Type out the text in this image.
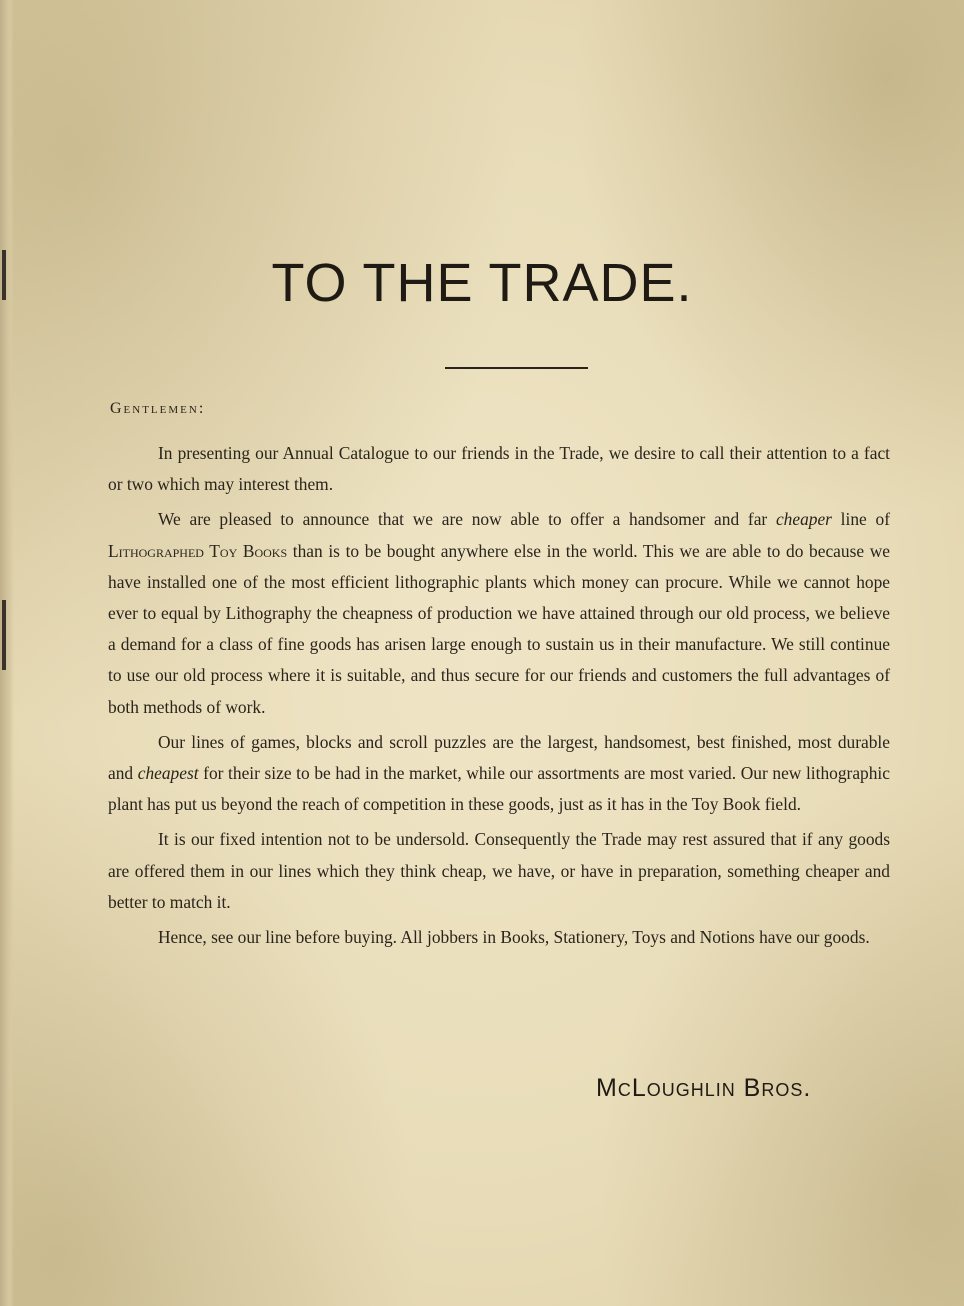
TO THE TRADE.
Gentlemen:

In presenting our Annual Catalogue to our friends in the Trade, we desire to call their attention to a fact or two which may interest them.

We are pleased to announce that we are now able to offer a handsomer and far cheaper line of Lithographed Toy Books than is to be bought anywhere else in the world. This we are able to do because we have installed one of the most efficient lithographic plants which money can procure. While we cannot hope ever to equal by Lithography the cheapness of production we have attained through our old process, we believe a demand for a class of fine goods has arisen large enough to sustain us in their manufacture. We still continue to use our old process where it is suitable, and thus secure for our friends and customers the full advantages of both methods of work.

Our lines of games, blocks and scroll puzzles are the largest, handsomest, best finished, most durable and cheapest for their size to be had in the market, while our assortments are most varied. Our new lithographic plant has put us beyond the reach of competition in these goods, just as it has in the Toy Book field.

It is our fixed intention not to be undersold. Consequently the Trade may rest assured that if any goods are offered them in our lines which they think cheap, we have, or have in preparation, something cheaper and better to match it.

Hence, see our line before buying. All jobbers in Books, Stationery, Toys and Notions have our goods.

McLoughlin Bros.
